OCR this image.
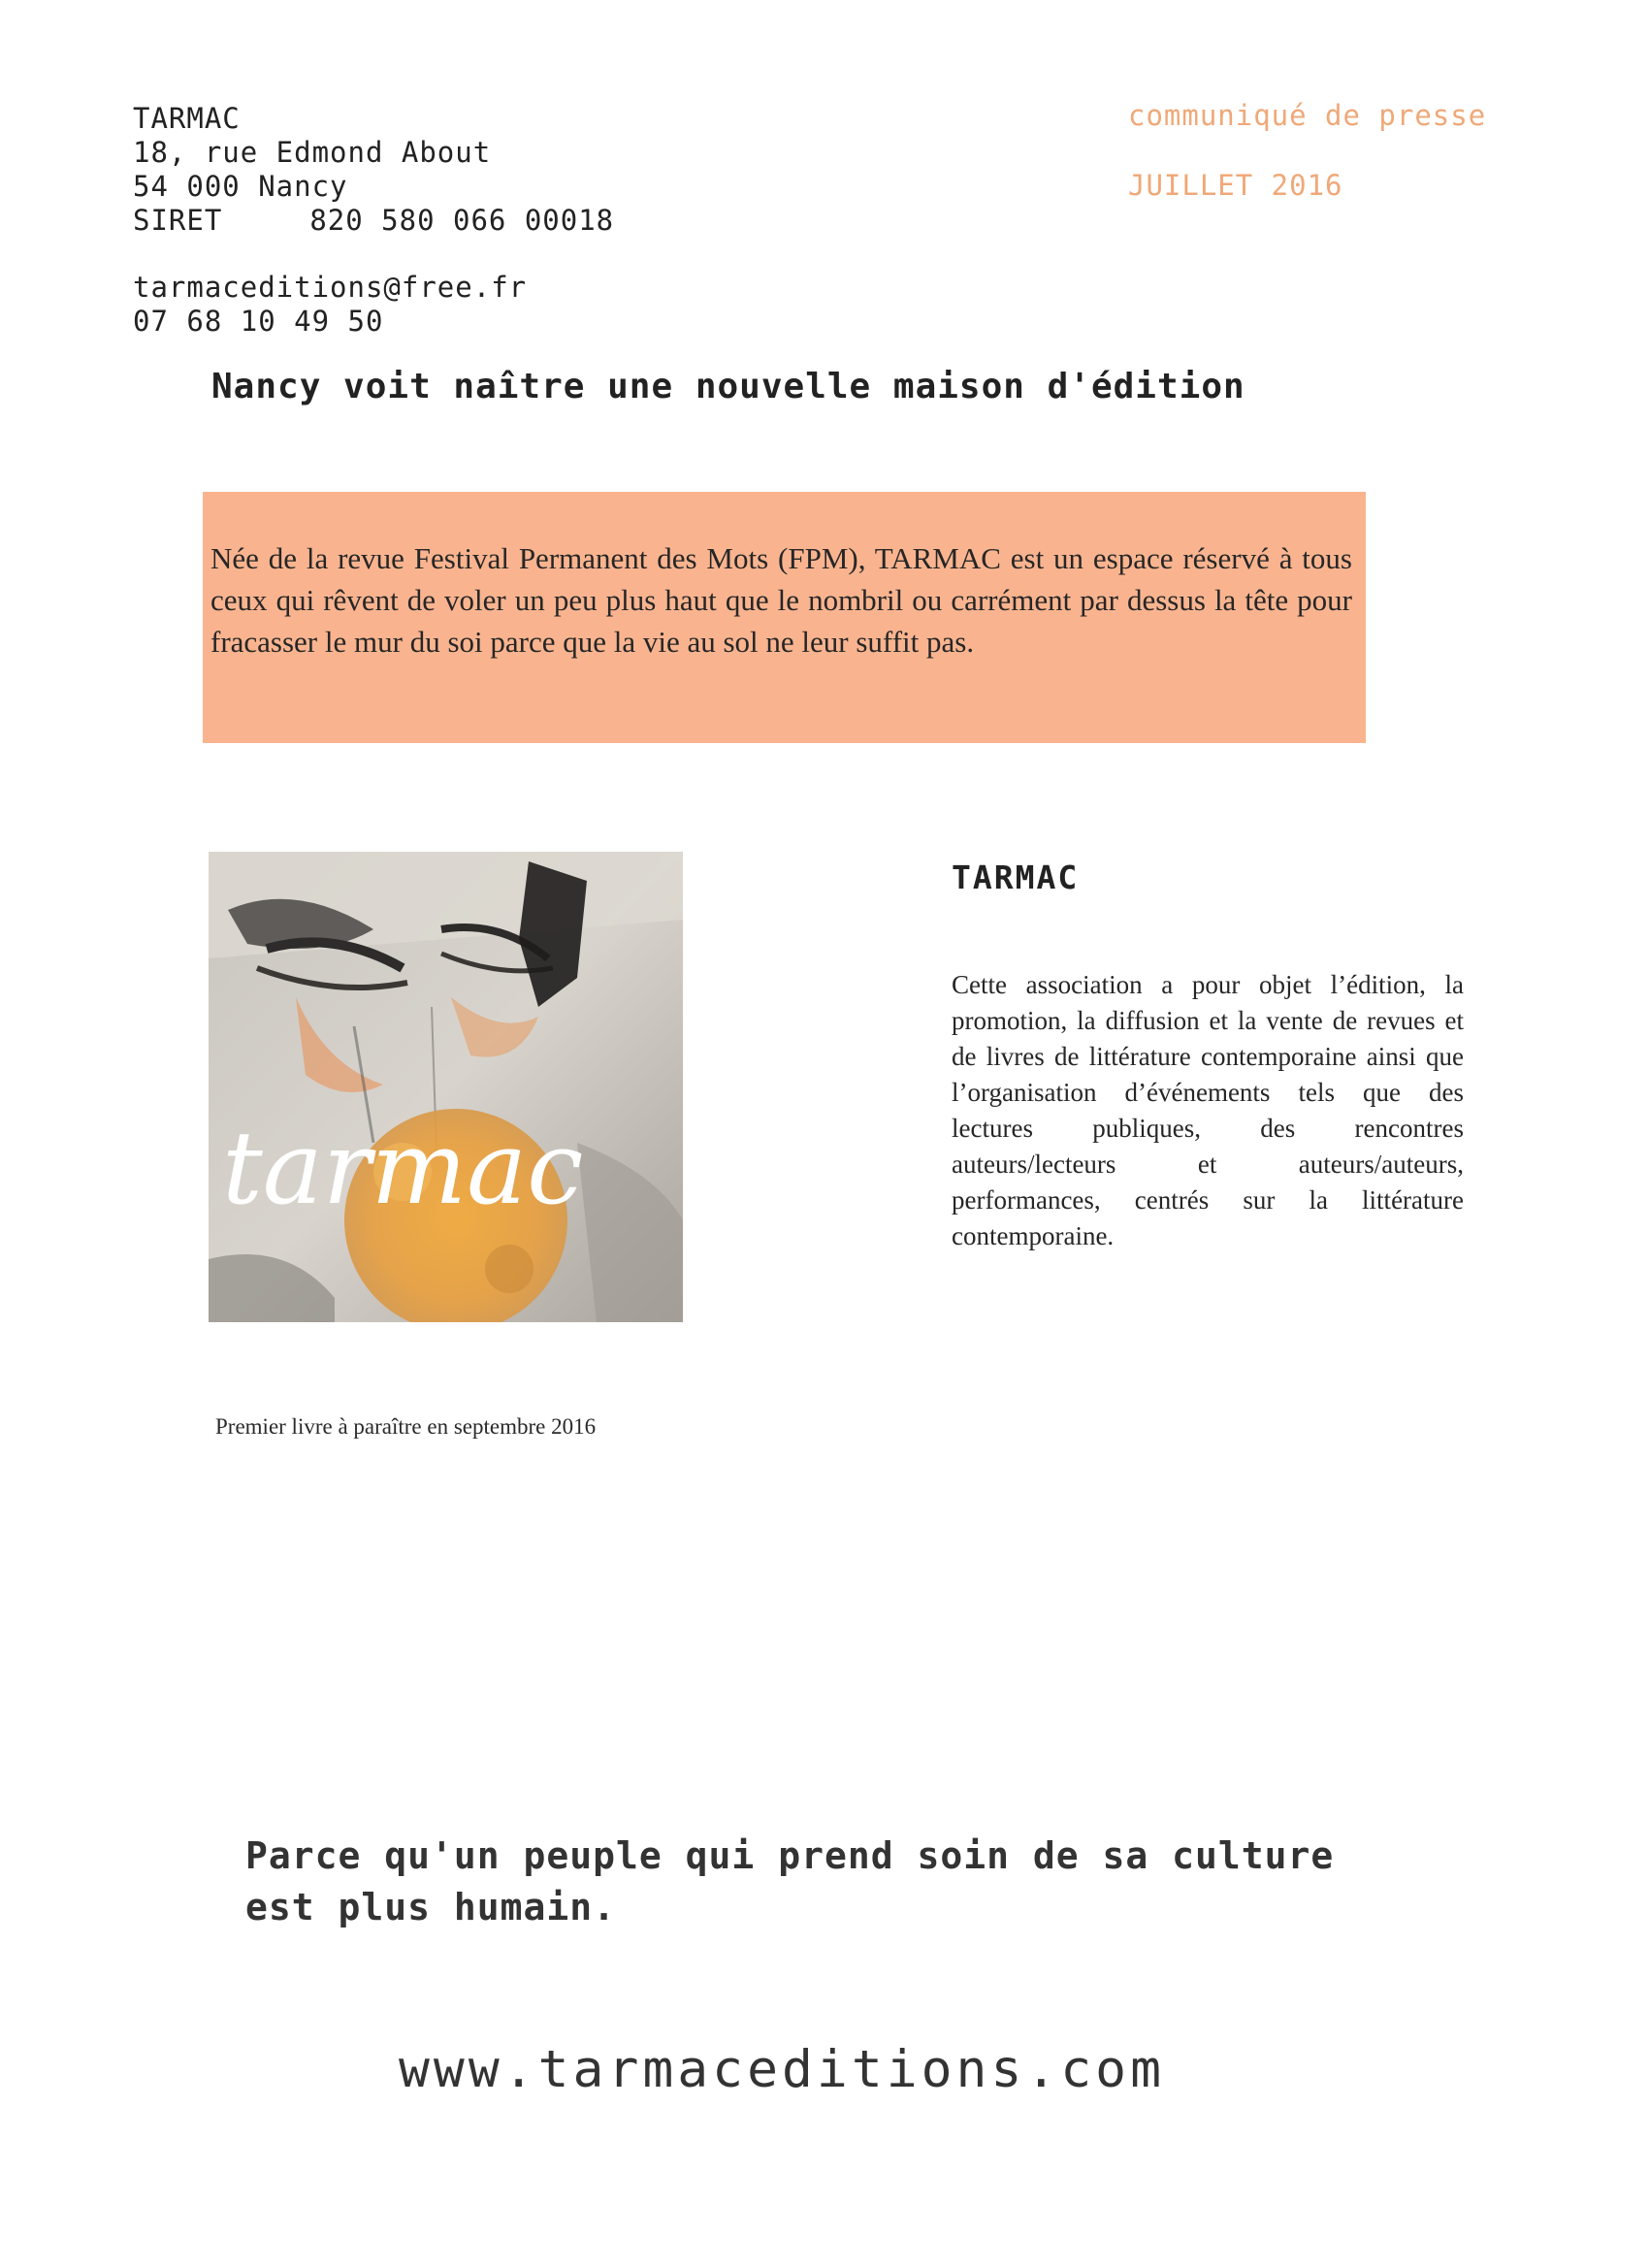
TARMAC
18, rue Edmond About
54 000 Nancy
SIRET	820 580 066 00018
tarmaceditions@free.fr
07 68 10 49 50
communiqué de presse
JUILLET 2016
Nancy voit naître une nouvelle maison d'édition
Née de la revue Festival Permanent des Mots (FPM), TARMAC est un espace réservé à tous ceux qui rêvent de voler un peu plus haut que le nombril ou carrément par dessus la tête pour fracasser le mur du soi parce que la vie au sol ne leur suffit pas.
tarmac
Premier livre à paraître en septembre 2016
TARMAC
Cette association a pour objet l’édition, la promotion, la diffusion et la vente de revues et de livres de littérature contemporaine ainsi que l’organisation d’événements tels que des lectures publiques, des rencontres auteurs/lecteurs et auteurs/auteurs, performances, centrés sur la littérature contemporaine.
Parce qu'un peuple qui prend soin de sa culture
est plus humain.
www.tarmaceditions.com
